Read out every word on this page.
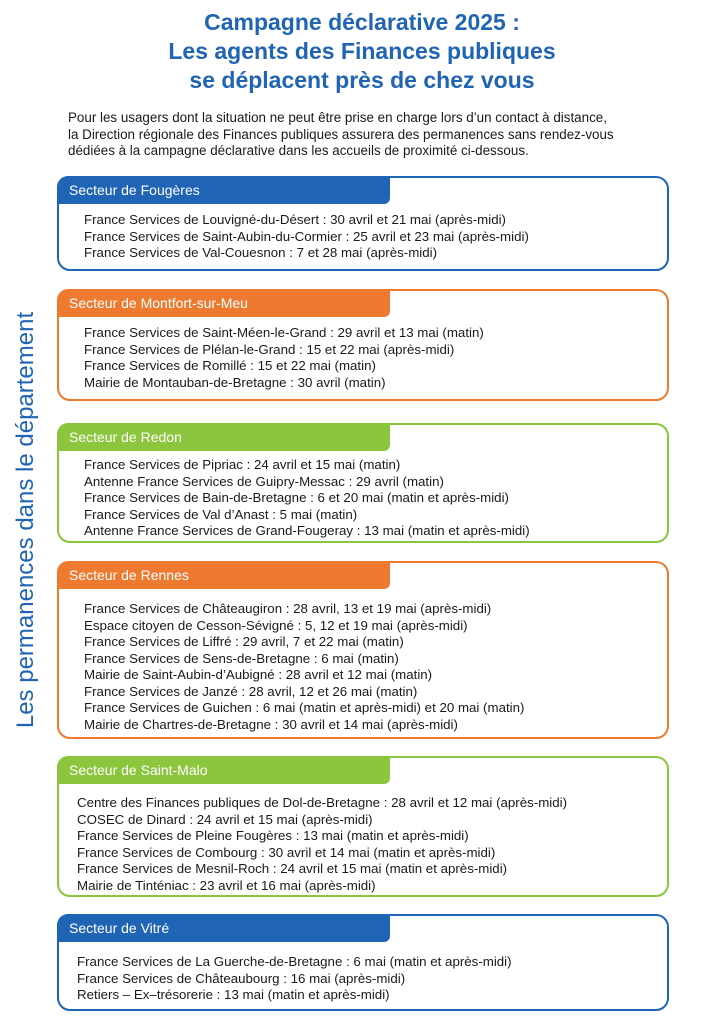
Campagne déclarative 2025 :
Les agents des Finances publiques
se déplacent près de chez vous
Pour les usagers dont la situation ne peut être prise en charge lors d’un contact à distance,
la Direction régionale des Finances publiques assurera des permanences sans rendez-vous
dédiées à la campagne déclarative dans les accueils de proximité ci-dessous.
Les permanences dans le département
Secteur de Fougères
France Services de Louvigné-du-Désert : 30 avril et 21 mai (après-midi)
France Services de Saint-Aubin-du-Cormier : 25 avril et 23 mai (après-midi)
France Services de Val-Couesnon : 7 et 28 mai (après-midi)
Secteur de Montfort-sur-Meu
France Services de Saint-Méen-le-Grand : 29 avril et 13 mai (matin)
France Services de Plélan-le-Grand : 15 et 22 mai (après-midi)
France Services de Romillé : 15 et 22 mai (matin)
Mairie de Montauban-de-Bretagne : 30 avril (matin)
Secteur de Redon
France Services de Pipriac : 24 avril et 15 mai (matin)
Antenne France Services de Guipry-Messac : 29 avril (matin)
France Services de Bain-de-Bretagne : 6 et 20 mai (matin et après-midi)
France Services de Val d’Anast : 5 mai (matin)
Antenne France Services de Grand-Fougeray : 13 mai (matin et après-midi)
Secteur de Rennes
France Services de Châteaugiron : 28 avril, 13 et 19 mai (après-midi)
Espace citoyen de Cesson-Sévigné : 5, 12 et 19 mai (après-midi)
France Services de Liffré : 29 avril, 7 et 22 mai (matin)
France Services de Sens-de-Bretagne : 6 mai (matin)
Mairie de Saint-Aubin-d’Aubigné : 28 avril et 12 mai (matin)
France Services de Janzé : 28 avril, 12 et 26 mai (matin)
France Services de Guichen : 6 mai (matin et après-midi) et 20 mai (matin)
Mairie de Chartres-de-Bretagne : 30 avril et 14 mai (après-midi)
Secteur de Saint-Malo
Centre des Finances publiques de Dol-de-Bretagne : 28 avril et 12 mai (après-midi)
COSEC de Dinard : 24 avril et 15 mai (après-midi)
France Services de Pleine Fougères : 13 mai (matin et après-midi)
France Services de Combourg : 30 avril et 14 mai (matin et après-midi)
France Services de Mesnil-Roch : 24 avril et 15 mai (matin et après-midi)
Mairie de Tinténiac : 23 avril et 16 mai (après-midi)
Secteur de Vitré
France Services de La Guerche-de-Bretagne : 6 mai (matin et après-midi)
France Services de Châteaubourg : 16 mai (après-midi)
Retiers – Ex–trésorerie : 13 mai (matin et après-midi)
